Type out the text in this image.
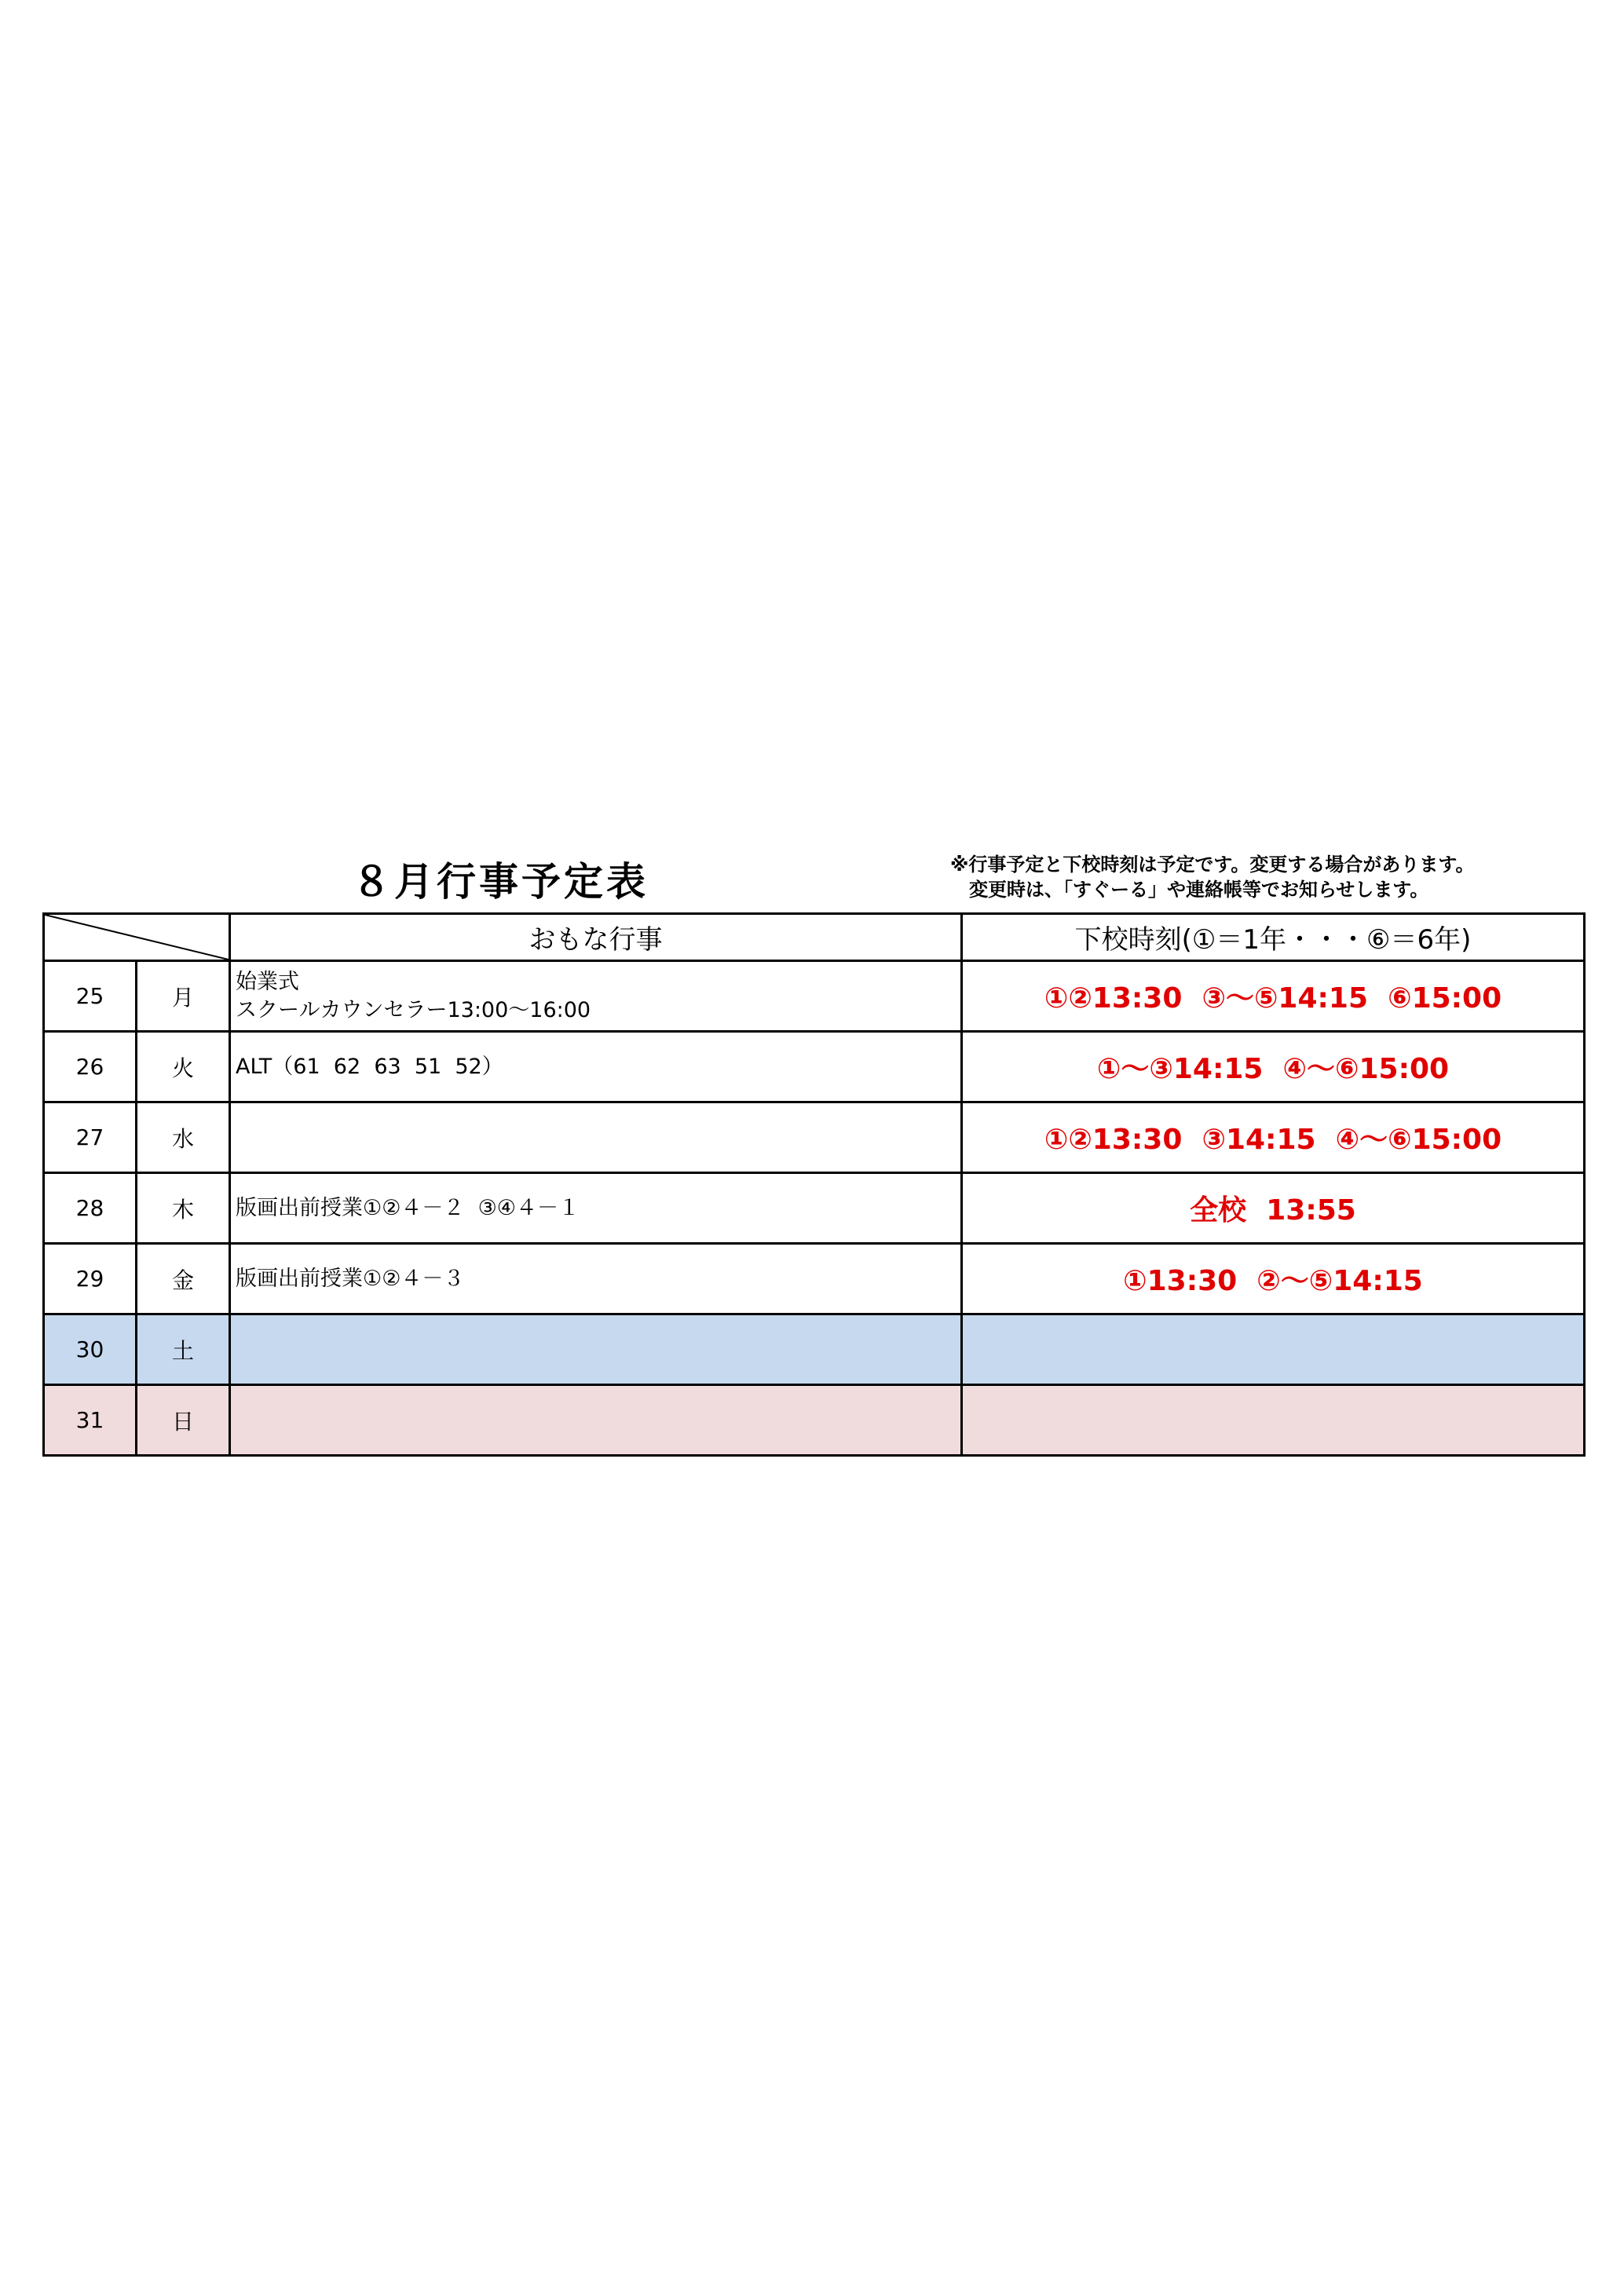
８月行事予定表	※行事予定と下校時刻は予定です。変更する場合があります。
　変更時は、「すぐーる」や連絡帳等でお知らせします。
	おもな行事	下校時刻(①＝1年・・・⑥＝6年)
25	月	始業式
スクールカウンセラー13:00～16:00	①②13:30  ③～⑤14:15  ⑥15:00
26	火	ALT（61  62  63  51  52）	①～③14:15  ④～⑥15:00
27	水		①②13:30  ③14:15  ④～⑥15:00
28	木	版画出前授業①②４－２  ③④４－１	全校  13:55
29	金	版画出前授業①②４－３	①13:30  ②～⑤14:15
30	土		
31	日		
